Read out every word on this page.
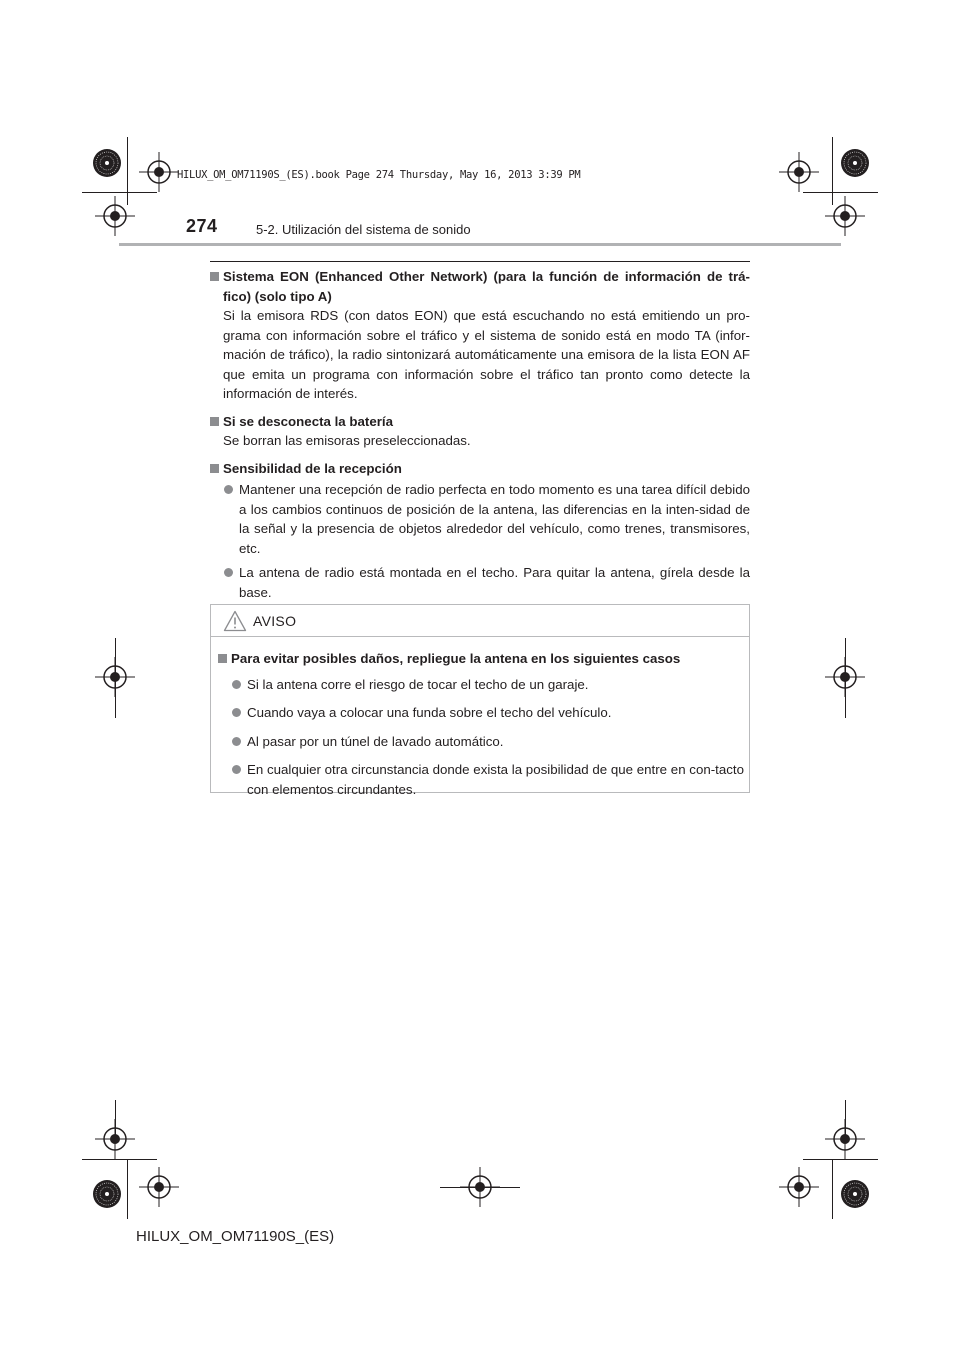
HILUX_OM_OM71190S_(ES).book Page 274 Thursday, May 16, 2013 3:39 PM
274	5-2. Utilización del sistema de sonido
Sistema EON (Enhanced Other Network) (para la función de información de trá-fico) (solo tipo A)
Si la emisora RDS (con datos EON) que está escuchando no está emitiendo un pro-grama con información sobre el tráfico y el sistema de sonido está en modo TA (infor-mación de tráfico), la radio sintonizará automáticamente una emisora de la lista EON AF que emita un programa con información sobre el tráfico tan pronto como detecte la información de interés.
Si se desconecta la batería
Se borran las emisoras preseleccionadas.
Sensibilidad de la recepción
Mantener una recepción de radio perfecta en todo momento es una tarea difícil debido a los cambios continuos de posición de la antena, las diferencias en la inten-sidad de la señal y la presencia de objetos alrededor del vehículo, como trenes, transmisores, etc.
La antena de radio está montada en el techo. Para quitar la antena, gírela desde la base.
AVISO
Para evitar posibles daños, repliegue la antena en los siguientes casos
Si la antena corre el riesgo de tocar el techo de un garaje.
Cuando vaya a colocar una funda sobre el techo del vehículo.
Al pasar por un túnel de lavado automático.
En cualquier otra circunstancia donde exista la posibilidad de que entre en con-tacto con elementos circundantes.
HILUX_OM_OM71190S_(ES)
